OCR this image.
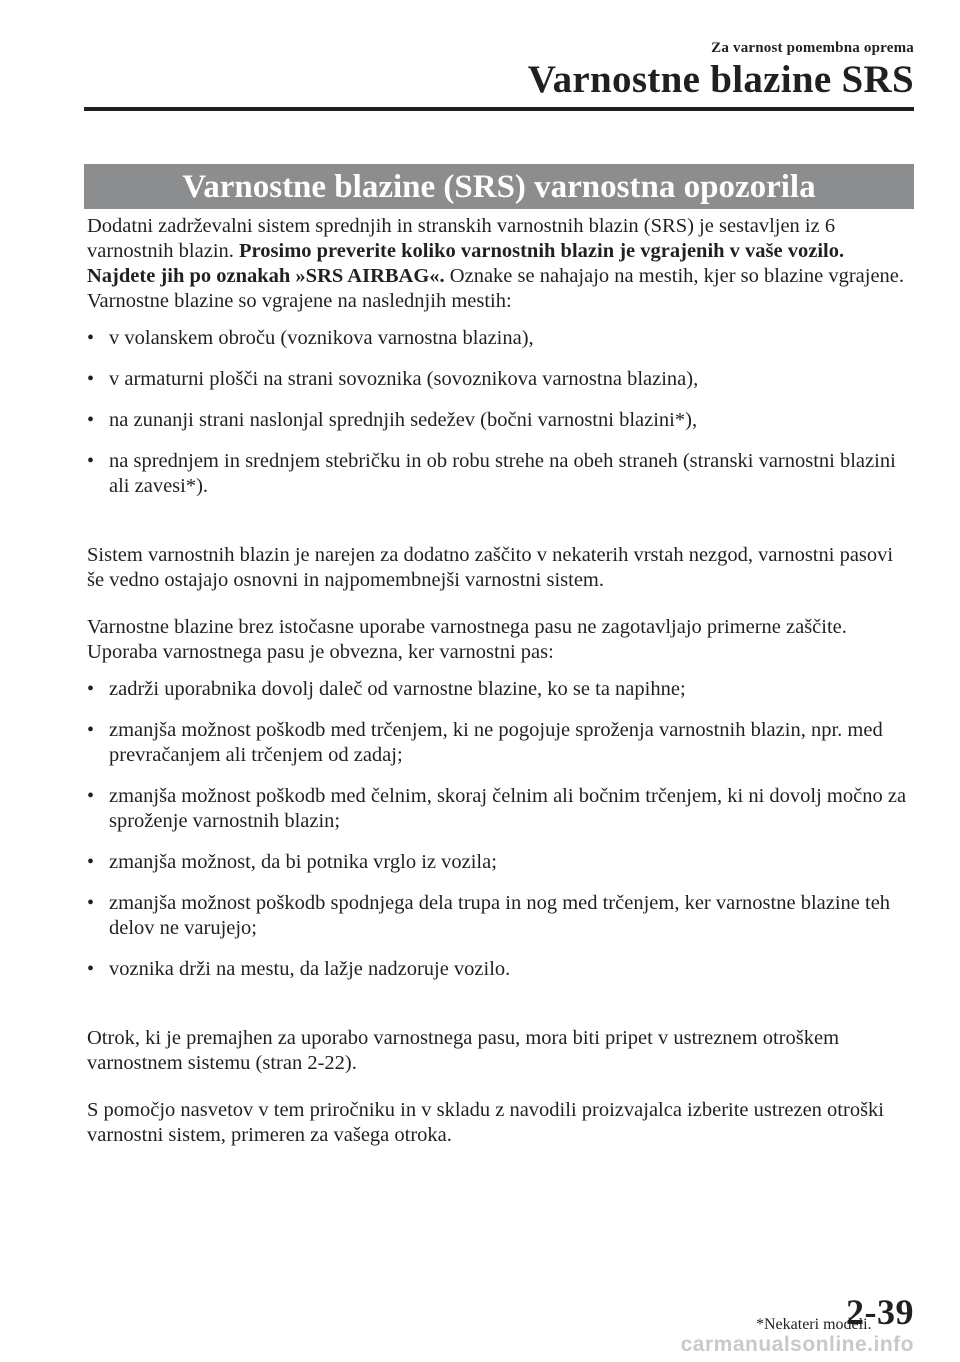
Za varnost pomembna oprema
Varnostne blazine SRS
Varnostne blazine (SRS) varnostna opozorila

Dodatni zadrževalni sistem sprednjih in stranskih varnostnih blazin (SRS) je sestavljen iz 6 varnostnih blazin. Prosimo preverite koliko varnostnih blazin je vgrajenih v vaše vozilo. Najdete jih po oznakah »SRS AIRBAG«. Oznake se nahajajo na mestih, kjer so blazine vgrajene.

Varnostne blazine so vgrajene na naslednjih mestih:

• v volanskem obroču (voznikova varnostna blazina),
• v armaturni plošči na strani sovoznika (sovoznikova varnostna blazina),
• na zunanji strani naslonjal sprednjih sedežev (bočni varnostni blazini*),
• na sprednjem in srednjem stebričku in ob robu strehe na obeh straneh (stranski varnostni blazini ali zavesi*).

Sistem varnostnih blazin je narejen za dodatno zaščito v nekaterih vrstah nezgod, varnostni pasovi še vedno ostajajo osnovni in najpomembnejši varnostni sistem.

Varnostne blazine brez istočasne uporabe varnostnega pasu ne zagotavljajo primerne zaščite. Uporaba varnostnega pasu je obvezna, ker varnostni pas:

• zadrži uporabnika dovolj daleč od varnostne blazine, ko se ta napihne;
• zmanjša možnost poškodb med trčenjem, ki ne pogojuje sproženja varnostnih blazin, npr. med prevračanjem ali trčenjem od zadaj;
• zmanjša možnost poškodb med čelnim, skoraj čelnim ali bočnim trčenjem, ki ni dovolj močno za sproženje varnostnih blazin;
• zmanjša možnost, da bi potnika vrglo iz vozila;
• zmanjša možnost poškodb spodnjega dela trupa in nog med trčenjem, ker varnostne blazine teh delov ne varujejo;
• voznika drži na mestu, da lažje nadzoruje vozilo.

Otrok, ki je premajhen za uporabo varnostnega pasu, mora biti pripet v ustreznem otroškem varnostnem sistemu (stran 2-22).

S pomočjo nasvetov v tem priročniku in v skladu z navodili proizvajalca izberite ustrezen otroški varnostni sistem, primeren za vašega otroka.

*Nekateri modeli.
2-39
carmanualsonline.info
